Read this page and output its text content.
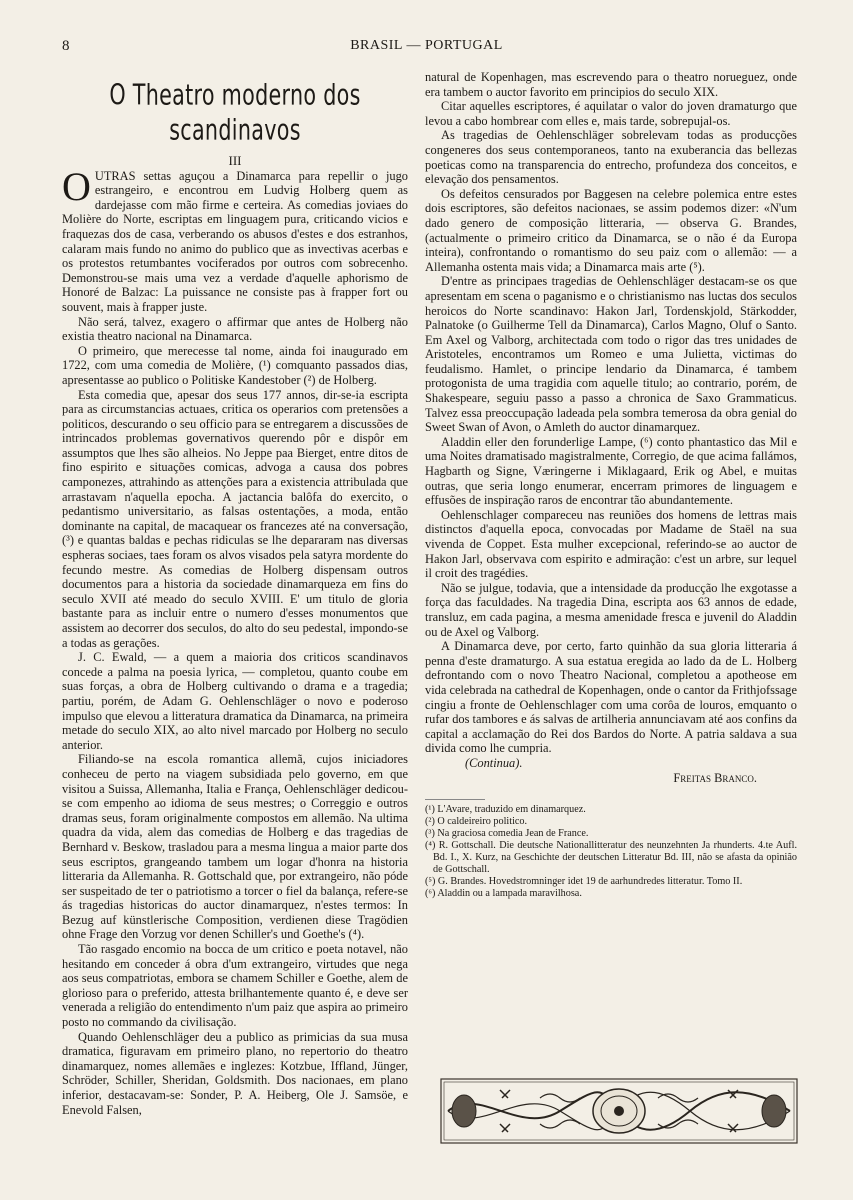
8	BRASIL — PORTUGAL
O Theatro moderno dos scandinavos

III

OUTRAS settas aguçou a Dinamarca para repellir o jugo estrangeiro, e encontrou em Ludvig Holberg quem as dardejasse com mão firme e certeira. As comedias joviaes do Molière do Norte, escriptas em linguagem pura, criticando vicios e fraquezas dos de casa, verberando os abusos d'estes e dos estranhos, calaram mais fundo no animo do publico que as invectivas acerbas e os protestos retumbantes vociferados por outros com sobrecenho. Demonstrou-se mais uma vez a verdade d'aquelle aphorismo de Honoré de Balzac: La puissance ne consiste pas à frapper fort ou souvent, mais à frapper juste.

Não será, talvez, exagero o affirmar que antes de Holberg não existia theatro nacional na Dinamarca.

O primeiro, que merecesse tal nome, ainda foi inaugurado em 1722, com uma comedia de Molière, (¹) comquanto passados dias, apresentasse ao publico o Politiske Kandestober (²) de Holberg.

Esta comedia que, apesar dos seus 177 annos, dir-se-ia escripta para as circumstancias actuaes, critica os operarios com pretensões a politicos, descurando o seu officio para se entregarem a discussões de intrincados problemas governativos querendo pôr e dispôr em assumptos que lhes são alheios. No Jeppe paa Bierget, entre ditos de fino espirito e situações comicas, advoga a causa dos pobres camponezes, attrahindo as attenções para a existencia attribulada que arrastavam n'aquella epocha. A jactancia balôfa do exercito, o pedantismo universitario, as falsas ostentações, a moda, então dominante na capital, de macaquear os francezes até na conversação, (³) e quantas baldas e pechas ridiculas se lhe depararam nas diversas espheras sociaes, taes foram os alvos visados pela satyra mordente do fecundo mestre. As comedias de Holberg dispensam outros documentos para a historia da sociedade dinamarqueza em fins do seculo XVII até meado do seculo XVIII. E' um titulo de gloria bastante para as incluir entre o numero d'esses monumentos que assistem ao decorrer dos seculos, do alto do seu pedestal, impondo-se a todas as gerações.

J. C. Ewald, — a quem a maioria dos criticos scandinavos concede a palma na poesia lyrica, — completou, quanto coube em suas forças, a obra de Holberg cultivando o drama e a tragedia; partiu, porém, de Adam G. Oehlenschläger o novo e poderoso impulso que elevou a litteratura dramatica da Dinamarca, na primeira metade do seculo XIX, ao alto nivel marcado por Holberg no seculo anterior.

Filiando-se na escola romantica allemã, cujos iniciadores conheceu de perto na viagem subsidiada pelo governo, em que visitou a Suissa, Allemanha, Italia e França, Oehlenschläger dedicou-se com empenho ao idioma de seus mestres; o Correggio e outros dramas seus, foram originalmente compostos em allemão. Na ultima quadra da vida, alem das comedias de Holberg e das tragedias de Bernhard v. Beskow, trasladou para a mesma lingua a maior parte dos seus escriptos, grangeando tambem um logar d'honra na historia litteraria da Allemanha. R. Gottschald que, por extrangeiro, não póde ser suspeitado de ter o patriotismo a torcer o fiel da balança, refere-se ás tragedias historicas do auctor dinamarquez, n'estes termos: In Bezug auf künstlerische Composition, verdienen diese Tragödien ohne Frage den Vorzug vor denen Schiller's und Goethe's (⁴).

Tão rasgado encomio na bocca de um critico e poeta notavel, não hesitando em conceder á obra d'um extrangeiro, virtudes que nega aos seus compatriotas, embora se chamem Schiller e Goethe, alem de glorioso para o preferido, attesta brilhantemente quanto é, e deve ser venerada a religião do entendimento n'um paiz que aspira ao primeiro posto no commando da civilisação.

Quando Oehlenschläger deu a publico as primicias da sua musa dramatica, figuravam em primeiro plano, no repertorio do theatro dinamarquez, nomes allemães e inglezes: Kotzbue, Iffland, Jünger, Schröder, Schiller, Sheridan, Goldsmith. Dos nacionaes, em plano inferior, destacavam-se: Sonder, P. A. Heiberg, Ole J. Samsöe, e Enevold Falsen,

natural de Kopenhagen, mas escrevendo para o theatro norueguez, onde era tambem o auctor favorito em principios do seculo XIX.

Citar aquelles escriptores, é aquilatar o valor do joven dramaturgo que levou a cabo hombrear com elles e, mais tarde, sobrepujal-os.

As tragedias de Oehlenschläger sobrelevam todas as producções congeneres dos seus contemporaneos, tanto na exuberancia das bellezas poeticas como na transparencia do entrecho, profundeza dos conceitos, e elevação dos pensamentos.

Os defeitos censurados por Baggesen na celebre polemica entre estes dois escriptores, são defeitos nacionaes, se assim podemos dizer: «N'um dado genero de composição litteraria, — observa G. Brandes, (actualmente o primeiro critico da Dinamarca, se o não é da Europa inteira), confrontando o romantismo do seu paiz com o allemão: — a Allemanha ostenta mais vida; a Dinamarca mais arte (⁵).

D'entre as principaes tragedias de Oehlenschläger destacam-se os que apresentam em scena o paganismo e o christianismo nas luctas dos seculos heroicos do Norte scandinavo: Hakon Jarl, Tordenskjold, Stärkodder, Palnatoke (o Guilherme Tell da Dinamarca), Carlos Magno, Oluf o Santo. Em Axel og Valborg, architectada com todo o rigor das tres unidades de Aristoteles, encontramos um Romeo e uma Julietta, victimas do feudalismo. Hamlet, o principe lendario da Dinamarca, é tambem protogonista de uma tragidia com aquelle titulo; ao contrario, porém, de Shakespeare, seguiu passo a passo a chronica de Saxo Grammaticus. Talvez essa preoccupação ladeada pela sombra temerosa da obra genial do Sweet Swan of Avon, o Amleth do auctor dinamarquez.

Aladdin eller den forunderlige Lampe, (⁶) conto phantastico das Mil e uma Noites dramatisado magistralmente, Corregio, de que acima fallámos, Hagbarth og Signe, Væringerne i Miklagaard, Erik og Abel, e muitas outras, que seria longo enumerar, encerram primores de linguagem e effusões de inspiração raros de encontrar tão abundantemente.

Oehlenschlager compareceu nas reuniões dos homens de lettras mais distinctos d'aquella epoca, convocadas por Madame de Staël na sua vivenda de Coppet. Esta mulher excepcional, referindo-se ao auctor de Hakon Jarl, observava com espirito e admiração: c'est un arbre, sur lequel il croit des tragédies.

Não se julgue, todavia, que a intensidade da producção lhe exgotasse a força das faculdades. Na tragedia Dina, escripta aos 63 annos de edade, transluz, em cada pagina, a mesma amenidade fresca e juvenil do Aladdin ou de Axel og Valborg.

A Dinamarca deve, por certo, farto quinhão da sua gloria litteraria á penna d'este dramaturgo. A sua estatua eregida ao lado da de L. Holberg defrontando com o novo Theatro Nacional, completou a apotheose em vida celebrada na cathedral de Kopenhagen, onde o cantor da Frithjofssage cingiu a fronte de Oehlenschlager com uma corôa de louros, emquanto o rufar dos tambores e ás salvas de artilheria annunciavam até aos confins da capital a acclamação do Rei dos Bardos do Norte. A patria saldava a sua divida como lhe cumpria.

(Continua).

Freitas Branco.

(¹) L'Avare, traduzido em dinamarquez.
(²) O caldeireiro politico.
(³) Na graciosa comedia Jean de France.
(⁴) R. Gottschall. Die deutsche Nationallitteratur des neunzehnten Ja rhunderts. 4.te Aufl. Bd. I., X. Kurz, na Geschichte der deutschen Litteratur Bd. III, não se afasta da opinião de Gottschall.
(⁵) G. Brandes. Hovedstromninger idet 19 de aarhundredes litteratur. Tomo II.
(⁶) Aladdin ou a lampada maravilhosa.
